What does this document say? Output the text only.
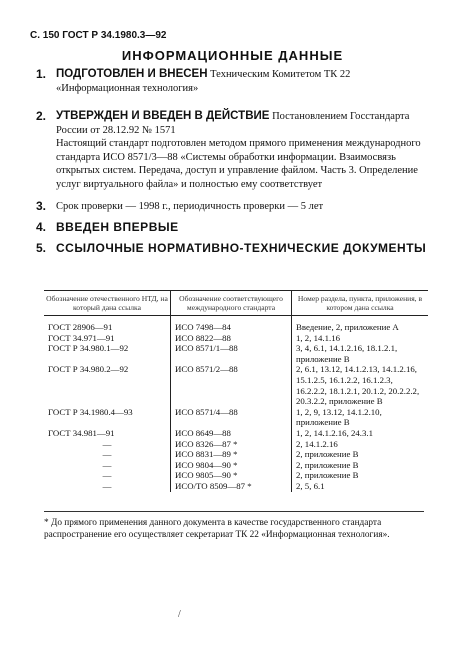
С. 150 ГОСТ Р 34.1980.3—92
ИНФОРМАЦИОННЫЕ ДАННЫЕ
1. ПОДГОТОВЛЕН И ВНЕСЕН Техническим Комитетом ТК 22 «Информационная технология»
2. УТВЕРЖДЕН И ВВЕДЕН В ДЕЙСТВИЕ Постановлением Госстандарта России от 28.12.92 № 1571
Настоящий стандарт подготовлен методом прямого применения международного стандарта ИСО 8571/3—88 «Системы обработки информации. Взаимосвязь открытых систем. Передача, доступ и управление файлом. Часть 3. Определение услуг виртуального файла» и полностью ему соответствует
3. Срок проверки — 1998 г., периодичность проверки — 5 лет
4. ВВЕДЕН ВПЕРВЫЕ
5. ССЫЛОЧНЫЕ НОРМАТИВНО-ТЕХНИЧЕСКИЕ ДОКУМЕНТЫ
Обозначение отечественного НТД, на который дана ссылка	Обозначение соответствующего международного стандарта	Номер раздела, пункта, приложения, в котором дана ссылка
ГОСТ 28906—91	ИСО 7498—84	Введение, 2, приложение А
ГОСТ 34.971—91	ИСО 8822—88	1, 2, 14.1.16
ГОСТ Р 34.980.1—92	ИСО 8571/1—88	3, 4, 6.1, 14.1.2.16, 18.1.2.1, приложение В
ГОСТ Р 34.980.2—92	ИСО 8571/2—88	2, 6.1, 13.12, 14.1.2.13, 14.1.2.16, 15.1.2.5, 16.1.2.2, 16.1.2.3, 16.2.2.2, 18.1.2.1, 20.1.2, 20.2.2.2, 20.3.2.2, приложение В
ГОСТ Р 34.1980.4—93	ИСО 8571/4—88	1, 2, 9, 13.12, 14.1.2.10, приложение В
ГОСТ 34.981—91	ИСО 8649—88	1, 2, 14.1.2.16, 24.3.1
—	ИСО 8326—87 *	2, 14.1.2.16
—	ИСО 8831—89 *	2, приложение В
—	ИСО 9804—90 *	2, приложение В
—	ИСО 9805—90 *	2, приложение В
—	ИСО/ТО 8509—87 *	2, 5, 6.1
* До прямого применения данного документа в качестве государственного стандарта распространение его осуществляет секретариат ТК 22 «Информационная технология».
/
